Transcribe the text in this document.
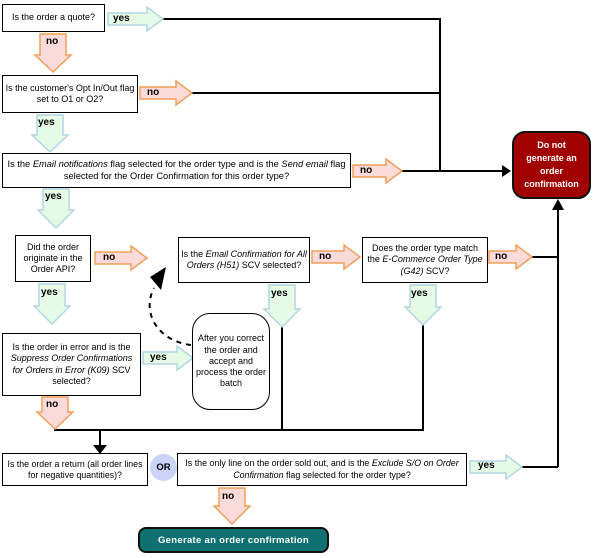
Is the order a quote?
Is the customer's Opt In/Out flag set to O1 or O2?
Is the Email notifications flag selected for the order type and is the Send email flag selected for the Order Confirmation for this order type?
Did the order originate in the Order API?
Is the Email Confirmation for All Orders (H51) SCV selected?
Does the order type match the E-Commerce Order Type (G42) SCV?
Is the order in error and is the Suppress Order Confirmations for Orders in Error (K09) SCV selected?
After you correct the order and accept and process the order batch
Is the order a return (all order lines for negative quantities)?
OR	Is the only line on the order sold out, and is the Exclude S/O on Order Confirmation flag selected for the order type?
Do not generate an order confirmation
Generate an order confirmation
yes
no
no
yes
no
yes
no
yes
no
yes
no
yes
yes
no
yes
no
